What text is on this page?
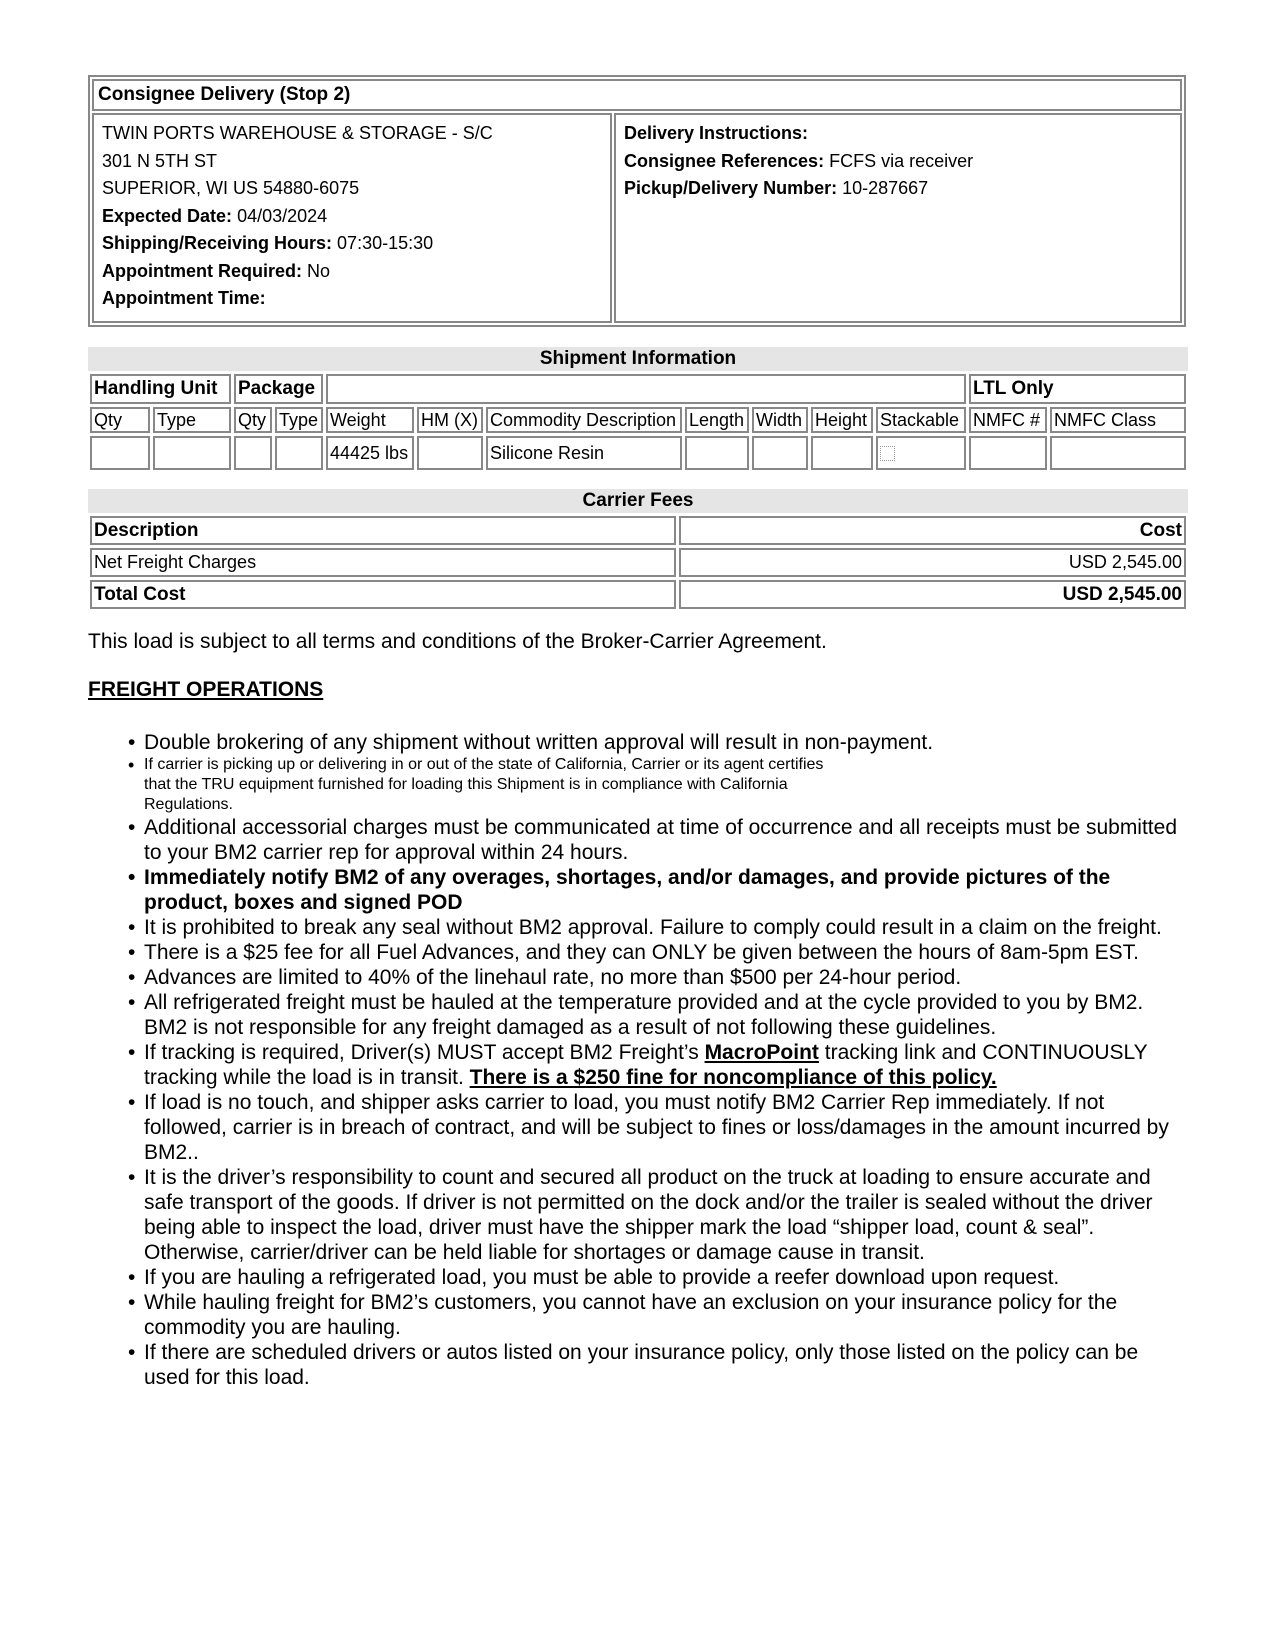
Consignee Delivery (Stop 2)

TWIN PORTS WAREHOUSE & STORAGE - S/C
301 N 5TH ST
SUPERIOR, WI US 54880-6075
Expected Date: 04/03/2024
Shipping/Receiving Hours: 07:30-15:30
Appointment Required: No
Appointment Time:

Delivery Instructions:
Consignee References: FCFS via receiver
Pickup/Delivery Number: 10-287667
Shipment Information
Handling Unit		Package									LTL Only	
Qty	Type	Qty	Type	Weight	HM (X)	Commodity Description	Length	Width	Height	Stackable	NMFC #	NMFC Class
				44425 lbs		Silicone Resin						
Carrier Fees
Description	Cost
Net Freight Charges	USD 2,545.00
Total Cost	USD 2,545.00
This load is subject to all terms and conditions of the Broker-Carrier Agreement.
FREIGHT OPERATIONS
• Double brokering of any shipment without written approval will result in non-payment.
• If carrier is picking up or delivering in or out of the state of California, Carrier or its agent certifies
that the TRU equipment furnished for loading this Shipment is in compliance with California
Regulations.
• Additional accessorial charges must be communicated at time of occurrence and all receipts must be submitted to your BM2 carrier rep for approval within 24 hours.
• Immediately notify BM2 of any overages, shortages, and/or damages, and provide pictures of the product, boxes and signed POD
• It is prohibited to break any seal without BM2 approval. Failure to comply could result in a claim on the freight.
• There is a $25 fee for all Fuel Advances, and they can ONLY be given between the hours of 8am-5pm EST.
• Advances are limited to 40% of the linehaul rate, no more than $500 per 24-hour period.
• All refrigerated freight must be hauled at the temperature provided and at the cycle provided to you by BM2. BM2 is not responsible for any freight damaged as a result of not following these guidelines.
• If tracking is required, Driver(s) MUST accept BM2 Freight’s MacroPoint tracking link and CONTINUOUSLY tracking while the load is in transit. There is a $250 fine for noncompliance of this policy.
• If load is no touch, and shipper asks carrier to load, you must notify BM2 Carrier Rep immediately. If not followed, carrier is in breach of contract, and will be subject to fines or loss/damages in the amount incurred by BM2..
• It is the driver’s responsibility to count and secured all product on the truck at loading to ensure accurate and safe transport of the goods. If driver is not permitted on the dock and/or the trailer is sealed without the driver being able to inspect the load, driver must have the shipper mark the load “shipper load, count & seal”. Otherwise, carrier/driver can be held liable for shortages or damage cause in transit.
• If you are hauling a refrigerated load, you must be able to provide a reefer download upon request.
• While hauling freight for BM2’s customers, you cannot have an exclusion on your insurance policy for the commodity you are hauling.
• If there are scheduled drivers or autos listed on your insurance policy, only those listed on the policy can be used for this load.
